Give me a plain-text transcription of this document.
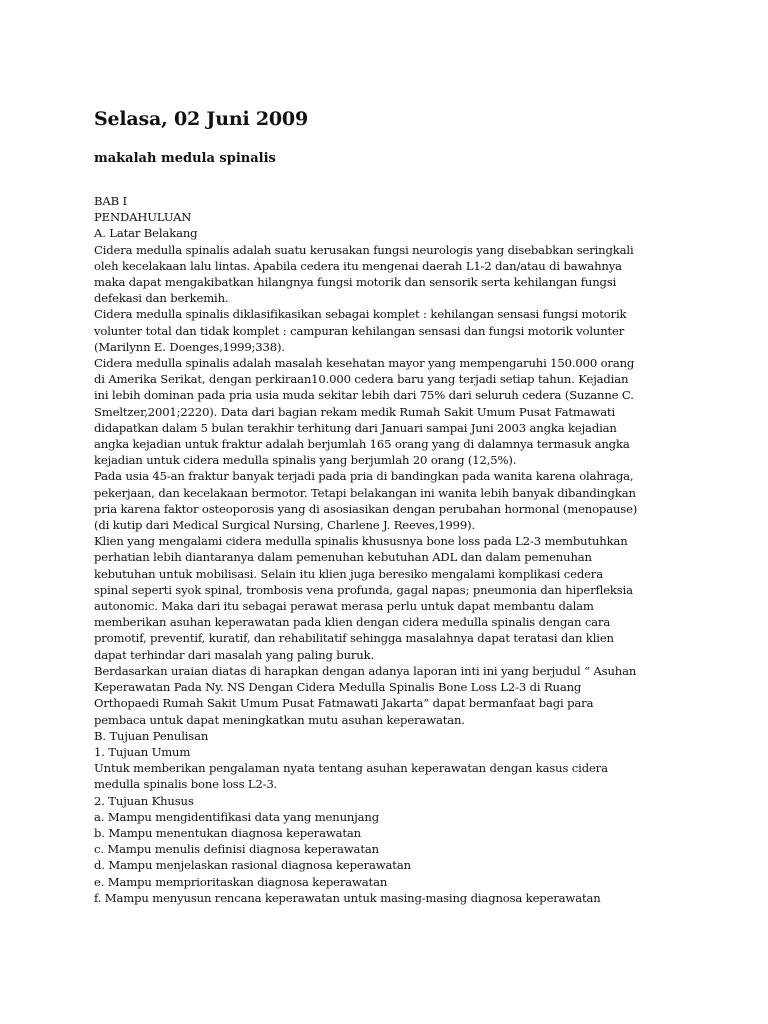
Selasa, 02 Juni 2009
makalah medula spinalis
BAB I
PENDAHULUAN
A. Latar Belakang
Cidera medulla spinalis adalah suatu kerusakan fungsi neurologis yang disebabkan seringkali
oleh kecelakaan lalu lintas. Apabila cedera itu mengenai daerah L1-2 dan/atau di bawahnya
maka dapat mengakibatkan hilangnya fungsi motorik dan sensorik serta kehilangan fungsi
defekasi dan berkemih.
Cidera medulla spinalis diklasifikasikan sebagai komplet : kehilangan sensasi fungsi motorik
volunter total dan tidak komplet : campuran kehilangan sensasi dan fungsi motorik volunter
(Marilynn E. Doenges,1999;338).
Cidera medulla spinalis adalah masalah kesehatan mayor yang mempengaruhi 150.000 orang
di Amerika Serikat, dengan perkiraan10.000 cedera baru yang terjadi setiap tahun. Kejadian
ini lebih dominan pada pria usia muda sekitar lebih dari 75% dari seluruh cedera (Suzanne C.
Smeltzer,2001;2220). Data dari bagian rekam medik Rumah Sakit Umum Pusat Fatmawati
didapatkan dalam 5 bulan terakhir terhitung dari Januari sampai Juni 2003 angka kejadian
angka kejadian untuk fraktur adalah berjumlah 165 orang yang di dalamnya termasuk angka
kejadian untuk cidera medulla spinalis yang berjumlah 20 orang (12,5%).
Pada usia 45-an fraktur banyak terjadi pada pria di bandingkan pada wanita karena olahraga,
pekerjaan, dan kecelakaan bermotor. Tetapi belakangan ini wanita lebih banyak dibandingkan
pria karena faktor osteoporosis yang di asosiasikan dengan perubahan hormonal (menopause)
(di kutip dari Medical Surgical Nursing, Charlene J. Reeves,1999).
Klien yang mengalami cidera medulla spinalis khususnya bone loss pada L2-3 membutuhkan
perhatian lebih diantaranya dalam pemenuhan kebutuhan ADL dan dalam pemenuhan
kebutuhan untuk mobilisasi. Selain itu klien juga beresiko mengalami komplikasi cedera
spinal seperti syok spinal, trombosis vena profunda, gagal napas; pneumonia dan hiperfleksia
autonomic. Maka dari itu sebagai perawat merasa perlu untuk dapat membantu dalam
memberikan asuhan keperawatan pada klien dengan cidera medulla spinalis dengan cara
promotif, preventif, kuratif, dan rehabilitatif sehingga masalahnya dapat teratasi dan klien
dapat terhindar dari masalah yang paling buruk.
Berdasarkan uraian diatas di harapkan dengan adanya laporan inti ini yang berjudul “ Asuhan
Keperawatan Pada Ny. NS Dengan Cidera Medulla Spinalis Bone Loss L2-3 di Ruang
Orthopaedi Rumah Sakit Umum Pusat Fatmawati Jakarta” dapat bermanfaat bagi para
pembaca untuk dapat meningkatkan mutu asuhan keperawatan.
B. Tujuan Penulisan
1. Tujuan Umum
Untuk memberikan pengalaman nyata tentang asuhan keperawatan dengan kasus cidera
medulla spinalis bone loss L2-3.
2. Tujuan Khusus
a. Mampu mengidentifikasi data yang menunjang
b. Mampu menentukan diagnosa keperawatan
c. Mampu menulis definisi diagnosa keperawatan
d. Mampu menjelaskan rasional diagnosa keperawatan
e. Mampu memprioritaskan diagnosa keperawatan
f. Mampu menyusun rencana keperawatan untuk masing-masing diagnosa keperawatan
